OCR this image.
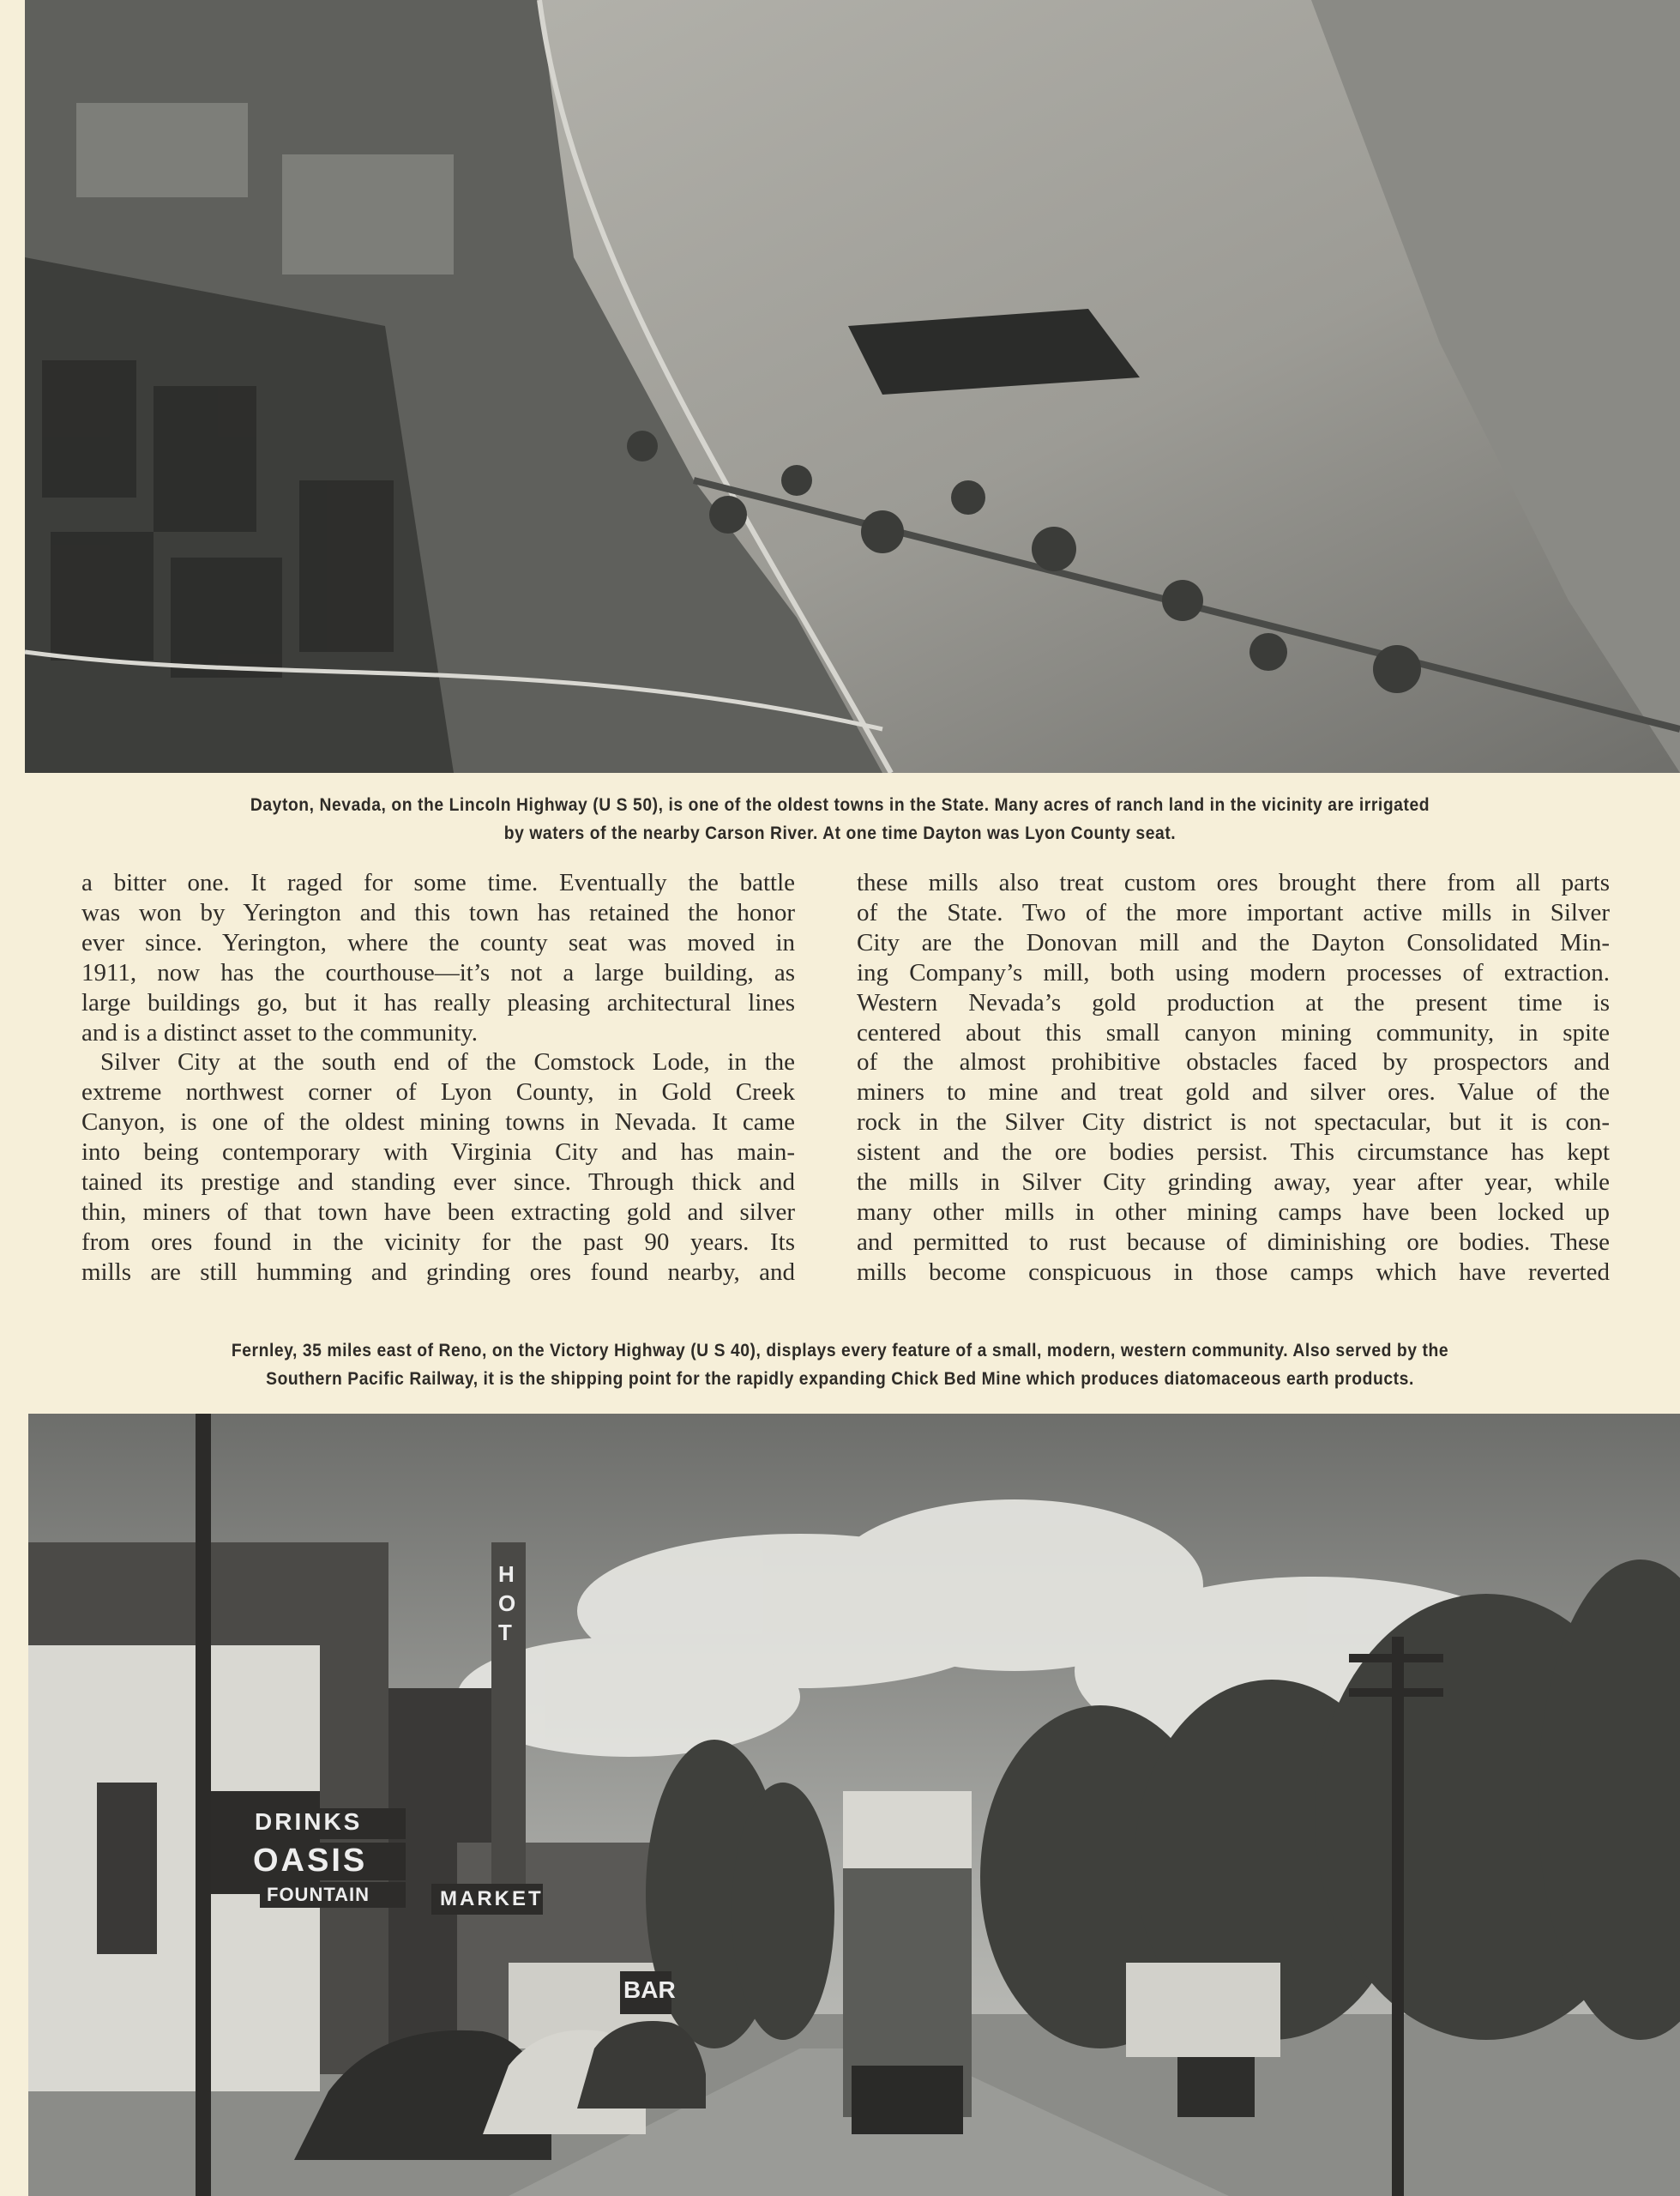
Dayton, Nevada, on the Lincoln Highway (U S 50), is one of the oldest towns in the State. Many acres of ranch land in the vicinity are irrigated
by waters of the nearby Carson River. At one time Dayton was Lyon County seat.
a bitter one. It raged for some time. Eventually the battle
was won by Yerington and this town has retained the honor
ever since. Yerington, where the county seat was moved in
1911, now has the courthouse—it’s not a large building, as
large buildings go, but it has really pleasing architectural lines
and is a distinct asset to the community.
Silver City at the south end of the Comstock Lode, in the
extreme northwest corner of Lyon County, in Gold Creek
Canyon, is one of the oldest mining towns in Nevada. It came
into being contemporary with Virginia City and has main-
tained its prestige and standing ever since. Through thick and
thin, miners of that town have been extracting gold and silver
from ores found in the vicinity for the past 90 years. Its
mills are still humming and grinding ores found nearby, and
these mills also treat custom ores brought there from all parts
of the State. Two of the more important active mills in Silver
City are the Donovan mill and the Dayton Consolidated Min-
ing Company’s mill, both using modern processes of extraction.
Western Nevada’s gold production at the present time is
centered about this small canyon mining community, in spite
of the almost prohibitive obstacles faced by prospectors and
miners to mine and treat gold and silver ores. Value of the
rock in the Silver City district is not spectacular, but it is con-
sistent and the ore bodies persist. This circumstance has kept
the mills in Silver City grinding away, year after year, while
many other mills in other mining camps have been locked up
and permitted to rust because of diminishing ore bodies. These
mills become conspicuous in those camps which have reverted
Fernley, 35 miles east of Reno, on the Victory Highway (U S 40), displays every feature of a small, modern, western community. Also served by the
Southern Pacific Railway, it is the shipping point for the rapidly expanding Chick Bed Mine which produces diatomaceous earth products.
DRINKS
OASIS
FOUNTAIN
HOT
MARKET
BAR
